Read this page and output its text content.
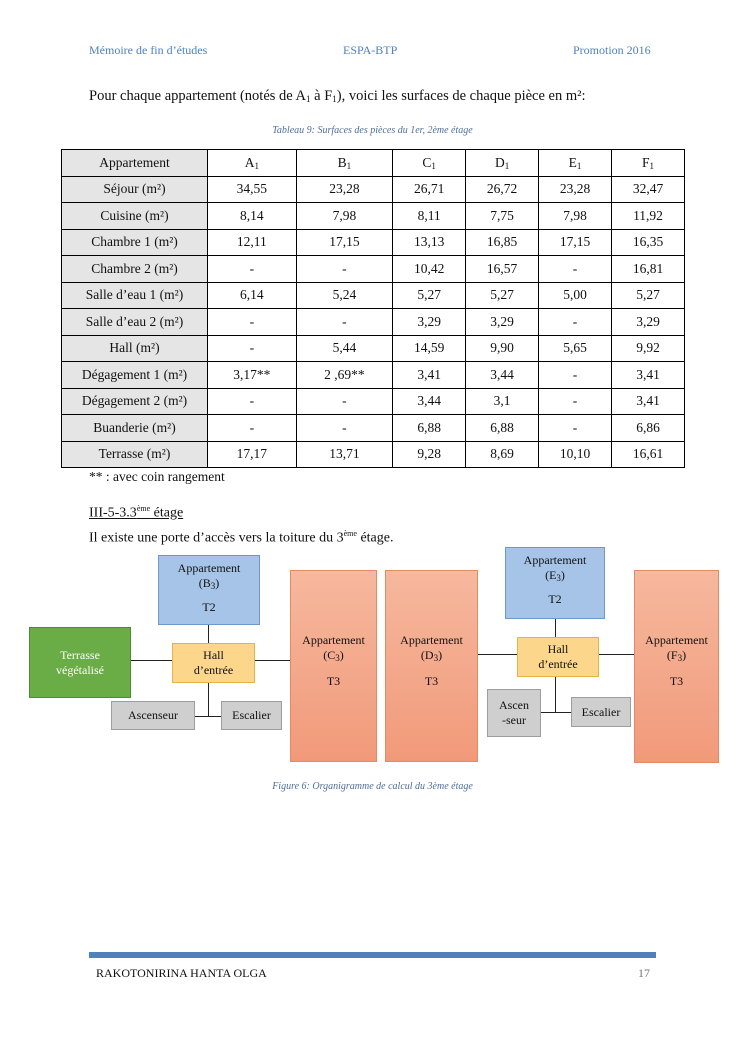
Mémoire de fin d’études	ESPA-BTP	Promotion 2016
Pour chaque appartement (notés de $A_1$ à $F_1$), voici les surfaces de chaque pièce en m²:
Tableau 9: Surfaces des pièces du 1er, 2ème étage
Appartement	$A_1$	$B_1$	$C_1$	$D_1$	$E_1$	$F_1$
Séjour (m²)	34,55	23,28	26,71	26,72	23,28	32,47
Cuisine (m²)	8,14	7,98	8,11	7,75	7,98	11,92
Chambre 1 (m²)	12,11	17,15	13,13	16,85	17,15	16,35
Chambre 2 (m²)	-	-	10,42	16,57	-	16,81
Salle d’eau 1 (m²)	6,14	5,24	5,27	5,27	5,00	5,27
Salle d’eau 2 (m²)	-	-	3,29	3,29	-	3,29
Hall (m²)	-	5,44	14,59	9,90	5,65	9,92
Dégagement 1 (m²)	3,17**	2 ,69**	3,41	3,44	-	3,41
Dégagement 2 (m²)	-	-	3,44	3,1	-	3,41
Buanderie (m²)	-	-	6,88	6,88	-	6,86
Terrasse (m²)	17,17	13,71	9,28	8,69	10,10	16,61
** : avec coin rangement
III-5-3.3ème étage
Il existe une porte d’accès vers la toiture du 3ème étage.
Appartement
$(B_3)$
T2
Appartement
$(C_3)$
T3
Appartement
$(D_3)$
T3
Appartement
$(E_3)$
T2
Appartement
$(F_3)$
T3
Terrasse
végétalisé
Hall
d’entrée
Hall
d’entrée
Ascenseur	Escalier
Ascen
-seur
Escalier
Figure 6: Organigramme de calcul du 3ème étage
RAKOTONIRINA HANTA OLGA	17
